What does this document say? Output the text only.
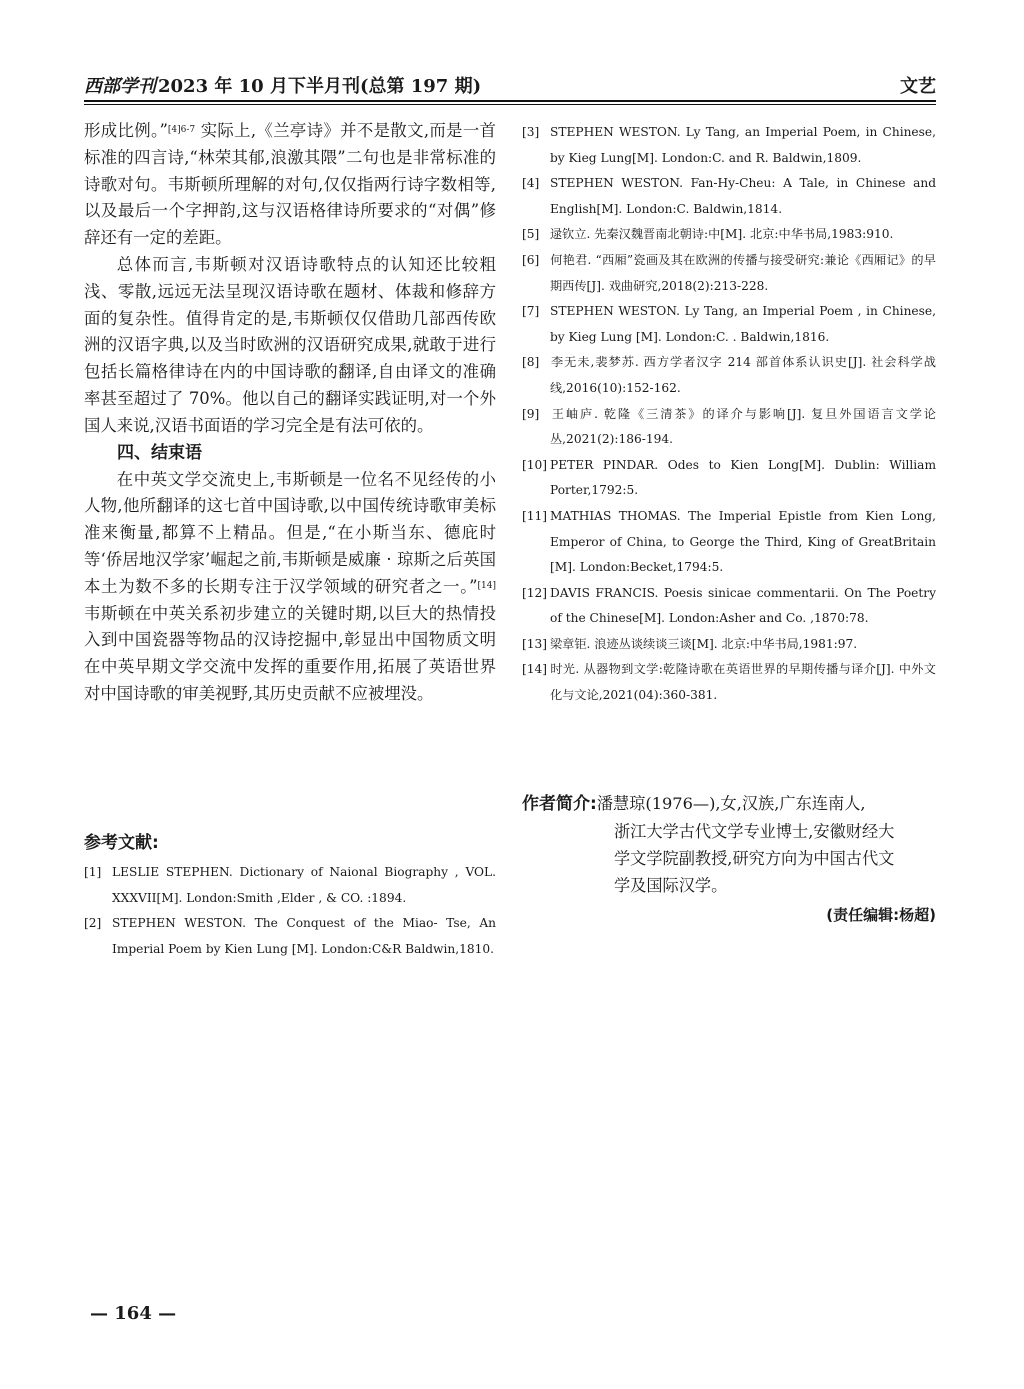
西部学刊 2023 年 10 月下半月刊(总第 197 期)	文艺

形成比例。”$^{[4]6-7}$ 实际上,《兰亭诗》并不是散文,而是一首标准的四言诗,“林荣其郁,浪激其隈”二句也是非常标准的诗歌对句。韦斯顿所理解的对句,仅仅指两行诗字数相等,以及最后一个字押韵,这与汉语格律诗所要求的“对偶”修辞还有一定的差距。

总体而言,韦斯顿对汉语诗歌特点的认知还比较粗浅、零散,远远无法呈现汉语诗歌在题材、体裁和修辞方面的复杂性。值得肯定的是,韦斯顿仅仅借助几部西传欧洲的汉语字典,以及当时欧洲的汉语研究成果,就敢于进行包括长篇格律诗在内的中国诗歌的翻译,自由译文的准确率甚至超过了 70%。他以自己的翻译实践证明,对一个外国人来说,汉语书面语的学习完全是有法可依的。

四、结束语

在中英文学交流史上,韦斯顿是一位名不见经传的小人物,他所翻译的这七首中国诗歌,以中国传统诗歌审美标准来衡量,都算不上精品。但是,“在小斯当东、德庇时等‘侨居地汉学家’崛起之前,韦斯顿是威廉 · 琼斯之后英国本土为数不多的长期专注于汉学领域的研究者之一。”[14]韦斯顿在中英关系初步建立的关键时期,以巨大的热情投入到中国瓷器等物品的汉诗挖掘中,彰显出中国物质文明在中英早期文学交流中发挥的重要作用,拓展了英语世界对中国诗歌的审美视野,其历史贡献不应被埋没。

参考文献:

[1] LESLIE STEPHEN. Dictionary of Naional Biography , VOL. XXXVII[M]. London:Smith ,Elder , & CO. :1894.

[2] STEPHEN WESTON. The Conquest of the Miao- Tse, An Imperial Poem by Kien Lung [M]. London:C&R Baldwin,1810.

[3] STEPHEN WESTON. Ly Tang, an Imperial Poem, in Chinese, by Kieg Lung[M]. London:C. and R. Baldwin,1809.

[4] STEPHEN WESTON. Fan-Hy-Cheu: A Tale, in Chinese and English[M]. London:C. Baldwin,1814.

[5] 逯钦立. 先秦汉魏晋南北朝诗:中[M]. 北京:中华书局,1983:910.

[6] 何艳君. “西厢”瓷画及其在欧洲的传播与接受研究:兼论《西厢记》的早期西传[J]. 戏曲研究,2018(2):213-228.

[7] STEPHEN WESTON. Ly Tang, an Imperial Poem , in Chinese, by Kieg Lung [M]. London:C. . Baldwin,1816.

[8] 李无未,裴梦苏. 西方学者汉字 214 部首体系认识史[J]. 社会科学战线,2016(10):152-162.

[9] 王岫庐. 乾隆《三清茶》的译介与影响[J]. 复旦外国语言文学论丛,2021(2):186-194.

[10] PETER PINDAR. Odes to Kien Long[M]. Dublin: William Porter,1792:5.

[11] MATHIAS THOMAS. The Imperial Epistle from Kien Long, Emperor of China, to George the Third, King of GreatBritain [M]. London:Becket,1794:5.

[12] DAVIS FRANCIS. Poesis sinicae commentarii. On The Poetry of the Chinese[M]. London:Asher and Co. ,1870:78.

[13] 梁章钜. 浪迹丛谈续谈三谈[M]. 北京:中华书局,1981:97.

[14] 时光. 从器物到文学:乾隆诗歌在英语世界的早期传播与译介[J]. 中外文化与文论,2021(04):360-381.

作者简介:潘慧琼(1976—),女,汉族,广东连南人,
浙江大学古代文学专业博士,安徽财经大
学文学院副教授,研究方向为中国古代文
学及国际汉学。
(责任编辑:杨超)
— 164 —
